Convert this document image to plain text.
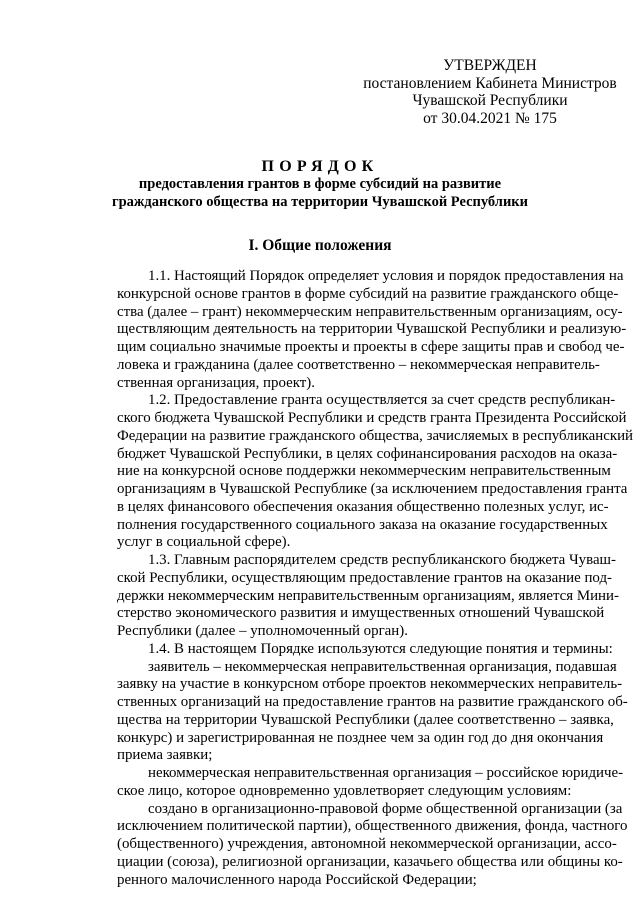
УТВЕРЖДЕН
постановлением Кабинета Министров
Чувашской Республики
от 30.04.2021 № 175
ПОРЯДОК
предоставления грантов в форме субсидий на развитие
гражданского общества на территории Чувашской Республики
I. Общие положения
1.1. Настоящий Порядок определяет условия и порядок предоставления на
конкурсной основе грантов в форме субсидий на развитие гражданского обще-
ства (далее – грант) некоммерческим неправительственным организациям, осу-
ществляющим деятельность на территории Чувашской Республики и реализую-
щим социально значимые проекты и проекты в сфере защиты прав и свобод че-
ловека и гражданина (далее соответственно – некоммерческая неправитель-
ственная организация, проект).
1.2. Предоставление гранта осуществляется за счет средств республикан-
ского бюджета Чувашской Республики и средств гранта Президента Российской
Федерации на развитие гражданского общества, зачисляемых в республиканский
бюджет Чувашской Республики, в целях софинансирования расходов на оказа-
ние на конкурсной основе поддержки некоммерческим неправительственным
организациям в Чувашской Республике (за исключением предоставления гранта
в целях финансового обеспечения оказания общественно полезных услуг, ис-
полнения государственного социального заказа на оказание государственных
услуг в социальной сфере).
1.3. Главным распорядителем средств республиканского бюджета Чуваш-
ской Республики, осуществляющим предоставление грантов на оказание под-
держки некоммерческим неправительственным организациям, является Мини-
стерство экономического развития и имущественных отношений Чувашской
Республики (далее – уполномоченный орган).
1.4. В настоящем Порядке используются следующие понятия и термины:
заявитель – некоммерческая неправительственная организация, подавшая
заявку на участие в конкурсном отборе проектов некоммерческих неправитель-
ственных организаций на предоставление грантов на развитие гражданского об-
щества на территории Чувашской Республики (далее соответственно – заявка,
конкурс) и зарегистрированная не позднее чем за один год до дня окончания
приема заявки;
некоммерческая неправительственная организация – российское юридиче-
ское лицо, которое одновременно удовлетворяет следующим условиям:
создано в организационно-правовой форме общественной организации (за
исключением политической партии), общественного движения, фонда, частного
(общественного) учреждения, автономной некоммерческой организации, ассо-
циации (союза), религиозной организации, казачьего общества или общины ко-
ренного малочисленного народа Российской Федерации;
